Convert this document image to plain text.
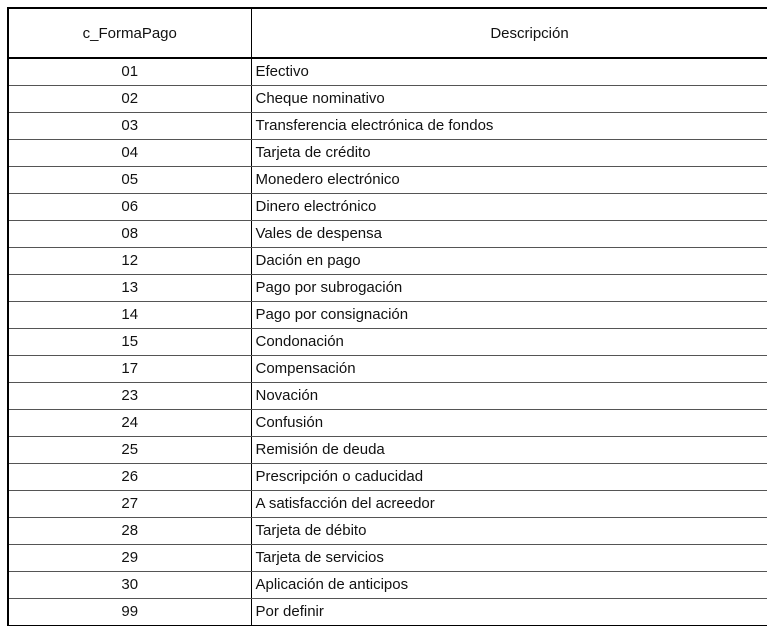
c_FormaPago	Descripción
01	Efectivo
02	Cheque nominativo
03	Transferencia electrónica de fondos
04	Tarjeta de crédito
05	Monedero electrónico
06	Dinero electrónico
08	Vales de despensa
12	Dación en pago
13	Pago por subrogación
14	Pago por consignación
15	Condonación
17	Compensación
23	Novación
24	Confusión
25	Remisión de deuda
26	Prescripción o caducidad
27	A satisfacción del acreedor
28	Tarjeta de débito
29	Tarjeta de servicios
30	Aplicación de anticipos
99	Por definir
